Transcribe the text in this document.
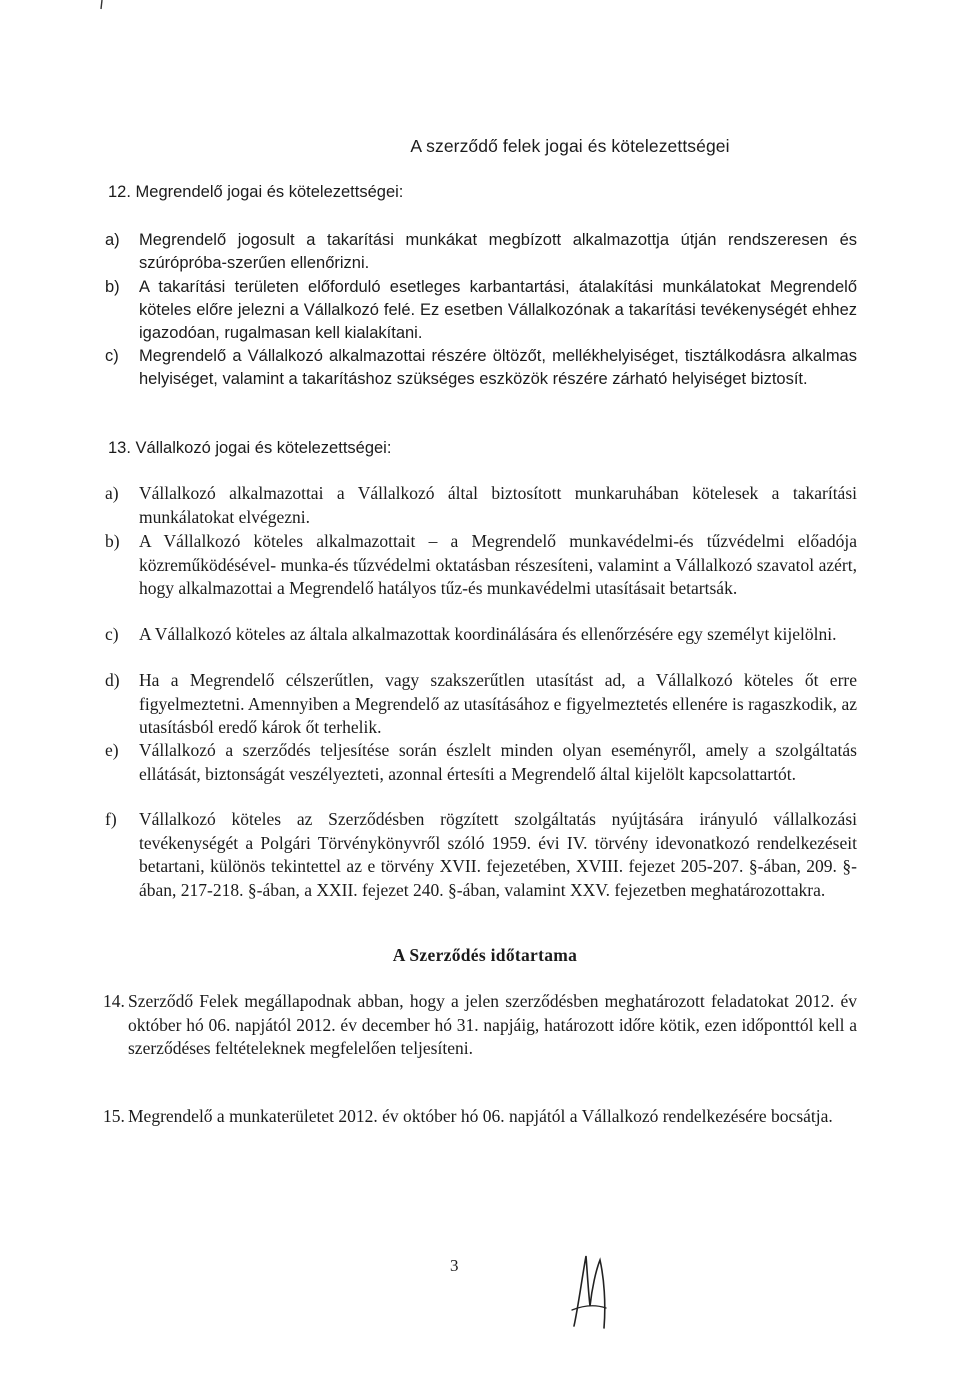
A szerződő felek jogai és kötelezettségei
12. Megrendelő jogai és kötelezettségei:
a)	Megrendelő jogosult a takarítási munkákat megbízott alkalmazottja útján rendszeresen és szúrópróba-szerűen ellenőrizni.
b)	A takarítási területen előforduló esetleges karbantartási, átalakítási munkálatokat Megrendelő köteles előre jelezni a Vállalkozó felé. Ez esetben Vállalkozónak a takarítási tevékenységét ehhez igazodóan, rugalmasan kell kialakítani.
c)	Megrendelő a Vállalkozó alkalmazottai részére öltözőt, mellékhelyiséget, tisztálkodásra alkalmas helyiséget, valamint a takarításhoz szükséges eszközök részére zárható helyiséget biztosít.
13. Vállalkozó jogai és kötelezettségei:
a)	Vállalkozó alkalmazottai a Vállalkozó által biztosított munkaruhában kötelesek a takarítási munkálatokat elvégezni.
b)	A Vállalkozó köteles alkalmazottait – a Megrendelő munkavédelmi-és tűzvédelmi előadója közreműködésével- munka-és tűzvédelmi oktatásban részesíteni, valamint a Vállalkozó szavatol azért, hogy alkalmazottai a Megrendelő hatályos tűz-és munkavédelmi utasításait betartsák.
c)	A Vállalkozó köteles az általa alkalmazottak koordinálására és ellenőrzésére egy személyt kijelölni.
d)	Ha a Megrendelő célszerűtlen, vagy szakszerűtlen utasítást ad, a Vállalkozó köteles őt erre figyelmeztetni. Amennyiben a Megrendelő az utasításához e figyelmeztetés ellenére is ragaszkodik, az utasításból eredő károk őt terhelik.
e)	Vállalkozó a szerződés teljesítése során észlelt minden olyan eseményről, amely a szolgáltatás ellátását, biztonságát veszélyezteti, azonnal értesíti a Megrendelő által kijelölt kapcsolattartót.
f)	Vállalkozó köteles az Szerződésben rögzített szolgáltatás nyújtására irányuló vállalkozási tevékenységét a Polgári Törvénykönyvről szóló 1959. évi IV. törvény idevonatkozó rendelkezéseit betartani, különös tekintettel az e törvény XVII. fejezetében, XVIII. fejezet 205-207. §-ában, 209. §-ában, 217-218. §-ában, a XXII. fejezet 240. §-ában, valamint XXV. fejezetben meghatározottakra.
A Szerződés időtartama
14. Szerződő Felek megállapodnak abban, hogy a jelen szerződésben meghatározott feladatokat 2012. év október hó 06. napjától 2012. év december hó 31. napjáig, határozott időre kötik, ezen időponttól kell a szerződéses feltételeknek megfelelően teljesíteni.
15. Megrendelő a munkaterületet 2012. év október hó 06. napjától a Vállalkozó rendelkezésére bocsátja.
3
